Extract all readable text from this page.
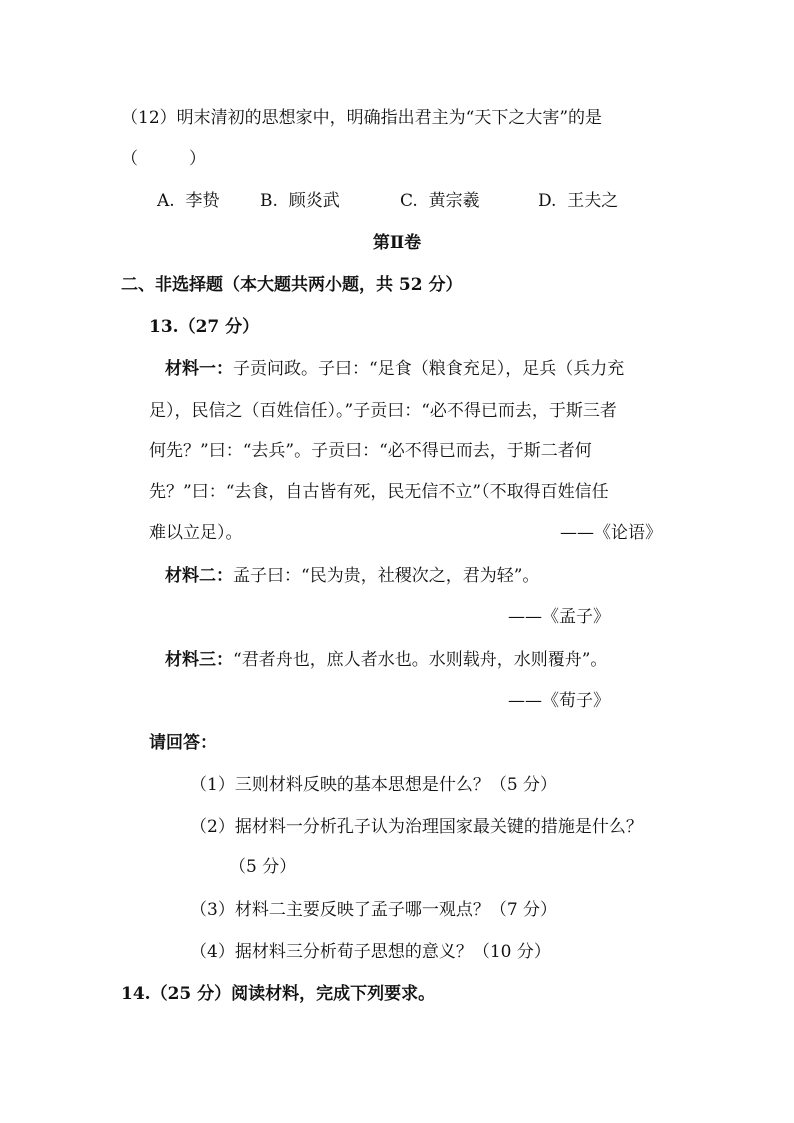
（12）明末清初的思想家中，明确指出君主为“天下之大害”的是
（　　　）
A. 李贽 B. 顾炎武	C. 黄宗羲	D. 王夫之
第Ⅱ卷
二、非选择题（本大题共两小题，共 52 分）
13.（27 分）
材料一：子贡问政。子曰：“足食（粮食充足），足兵（兵力充
足），民信之（百姓信任）。”子贡曰：“必不得已而去，于斯三者
何先？”曰：“去兵”。子贡曰：“必不得已而去，于斯二者何
先？”曰：“去食，自古皆有死，民无信不立”（不取得百姓信任
难以立足）。	——《论语》
材料二：孟子曰：“民为贵，社稷次之，君为轻”。
——《孟子》
材料三：“君者舟也，庶人者水也。水则载舟，水则覆舟”。
——《荀子》
请回答：
（1）三则材料反映的基本思想是什么？（5 分）
（2）据材料一分析孔子认为治理国家最关键的措施是什么？
（5 分）
（3）材料二主要反映了孟子哪一观点？（7 分）
（4）据材料三分析荀子思想的意义？（10 分）
14.（25 分）阅读材料，完成下列要求。
